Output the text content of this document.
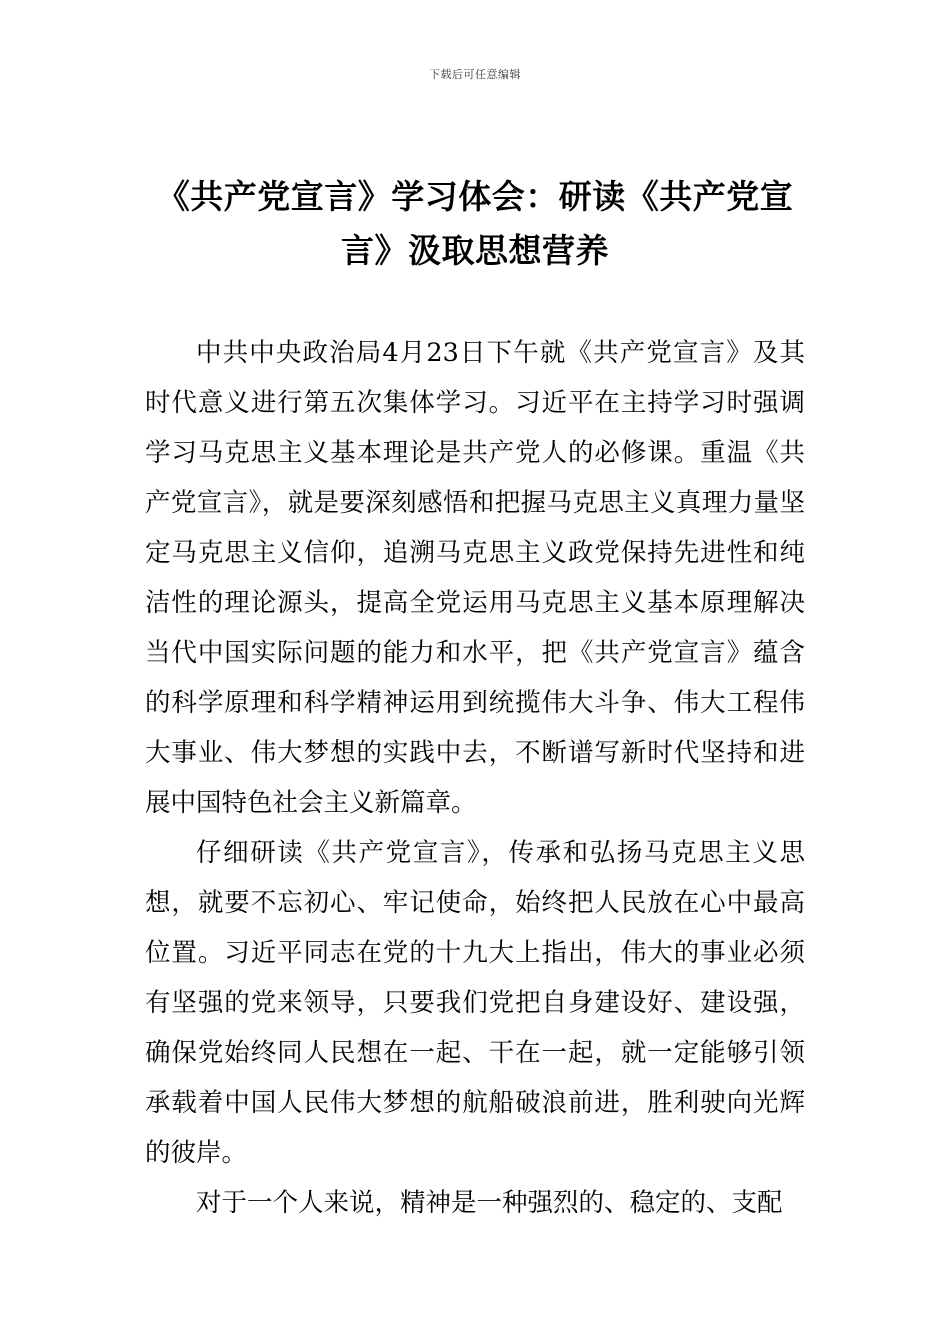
下载后可任意编辑
《共产党宣言》学习体会：研读《共产党宣言》汲取思想营养

中共中央政治局4月23日下午就《共产党宣言》及其时代意义进行第五次集体学习。习近平在主持学习时强调学习马克思主义基本理论是共产党人的必修课。重温《共产党宣言》，就是要深刻感悟和把握马克思主义真理力量坚定马克思主义信仰，追溯马克思主义政党保持先进性和纯洁性的理论源头，提高全党运用马克思主义基本原理解决当代中国实际问题的能力和水平，把《共产党宣言》蕴含的科学原理和科学精神运用到统揽伟大斗争、伟大工程伟大事业、伟大梦想的实践中去，不断谱写新时代坚持和进展中国特色社会主义新篇章。

仔细研读《共产党宣言》，传承和弘扬马克思主义思想，就要不忘初心、牢记使命，始终把人民放在心中最高位置。习近平同志在党的十九大上指出，伟大的事业必须有坚强的党来领导，只要我们党把自身建设好、建设强，确保党始终同人民想在一起、干在一起，就一定能够引领承载着中国人民伟大梦想的航船破浪前进，胜利驶向光辉的彼岸。

对于一个人来说，精神是一种强烈的、稳定的、支配
